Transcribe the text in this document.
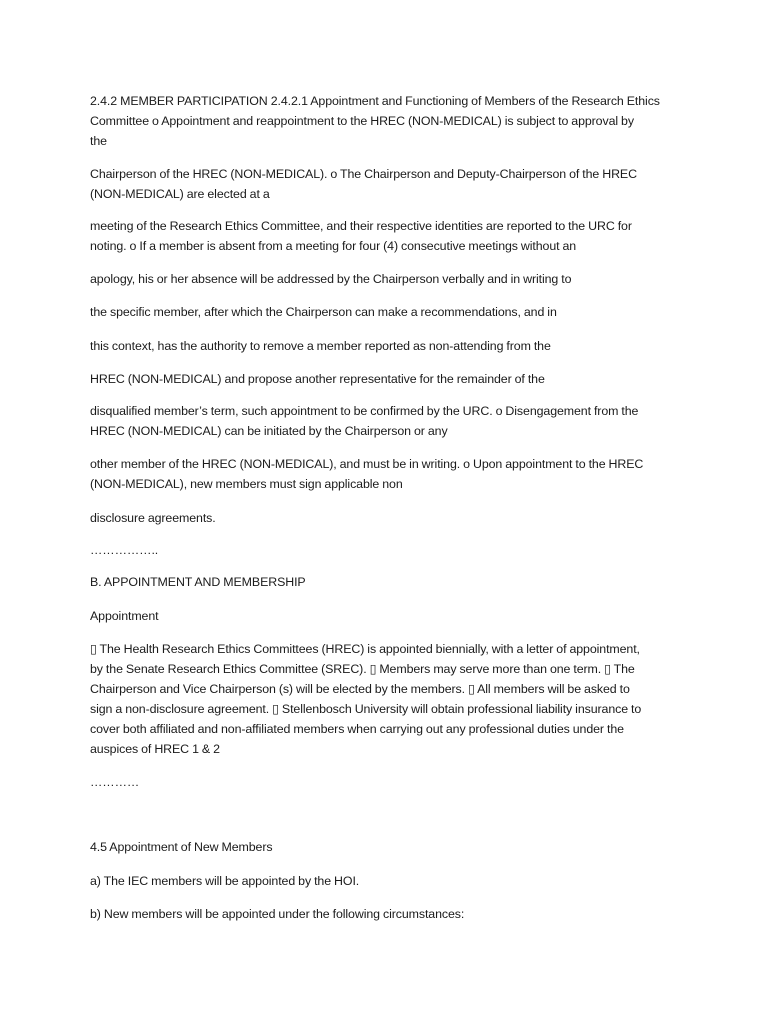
2.4.2 MEMBER PARTICIPATION 2.4.2.1 Appointment and Functioning of Members of the Research Ethics
Committee o Appointment and reappointment to the HREC (NON-MEDICAL) is subject to approval by
the

Chairperson of the HREC (NON-MEDICAL). o The Chairperson and Deputy-Chairperson of the HREC
(NON-MEDICAL) are elected at a

meeting of the Research Ethics Committee, and their respective identities are reported to the URC for
noting. o If a member is absent from a meeting for four (4) consecutive meetings without an

apology, his or her absence will be addressed by the Chairperson verbally and in writing to

the specific member, after which the Chairperson can make a recommendations, and in

this context, has the authority to remove a member reported as non-attending from the

HREC (NON-MEDICAL) and propose another representative for the remainder of the

disqualified member’s term, such appointment to be confirmed by the URC. o Disengagement from the
HREC (NON-MEDICAL) can be initiated by the Chairperson or any

other member of the HREC (NON-MEDICAL), and must be in writing. o Upon appointment to the HREC
(NON-MEDICAL), new members must sign applicable non

disclosure agreements.

……………..

B. APPOINTMENT AND MEMBERSHIP

Appointment

▯ The Health Research Ethics Committees (HREC) is appointed biennially, with a letter of appointment,
by the Senate Research Ethics Committee (SREC). ▯ Members may serve more than one term. ▯ The
Chairperson and Vice Chairperson (s) will be elected by the members. ▯ All members will be asked to
sign a non-disclosure agreement. ▯ Stellenbosch University will obtain professional liability insurance to
cover both affiliated and non-affiliated members when carrying out any professional duties under the
auspices of HREC 1 & 2

…………

4.5 Appointment of New Members

a) The IEC members will be appointed by the HOI.

b) New members will be appointed under the following circumstances:
